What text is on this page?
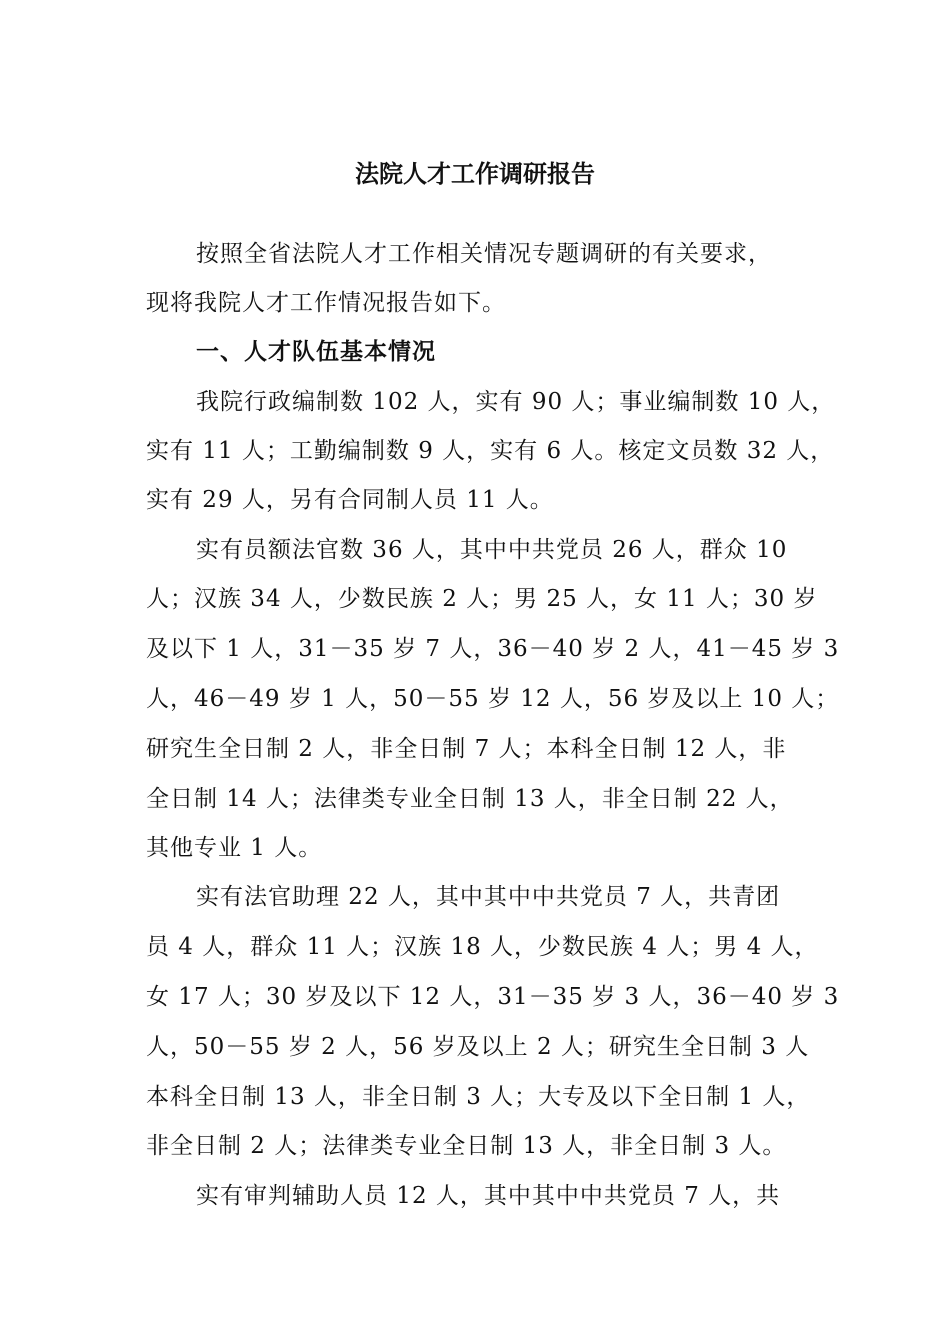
法院人才工作调研报告
按照全省法院人才工作相关情况专题调研的有关要求，
现将我院人才工作情况报告如下。
一、人才队伍基本情况
我院行政编制数 102 人，实有 90 人；事业编制数 10 人，
实有 11 人；工勤编制数 9 人，实有 6 人。核定文员数 32 人，
实有 29 人，另有合同制人员 11 人。
实有员额法官数 36 人，其中中共党员 26 人，群众 10
人；汉族 34 人，少数民族 2 人；男 25 人，女 11 人；30 岁
及以下 1 人，31－35 岁 7 人，36－40 岁 2 人，41－45 岁 3
人，46－49 岁 1 人，50－55 岁 12 人，56 岁及以上 10 人；
研究生全日制 2 人，非全日制 7 人；本科全日制 12 人，非
全日制 14 人；法律类专业全日制 13 人，非全日制 22 人，
其他专业 1 人。
实有法官助理 22 人，其中其中中共党员 7 人，共青团
员 4 人，群众 11 人；汉族 18 人，少数民族 4 人；男 4 人，
女 17 人；30 岁及以下 12 人，31－35 岁 3 人，36－40 岁 3
人，50－55 岁 2 人，56 岁及以上 2 人；研究生全日制 3 人
本科全日制 13 人，非全日制 3 人；大专及以下全日制 1 人，
非全日制 2 人；法律类专业全日制 13 人，非全日制 3 人。
实有审判辅助人员 12 人，其中其中中共党员 7 人，共
